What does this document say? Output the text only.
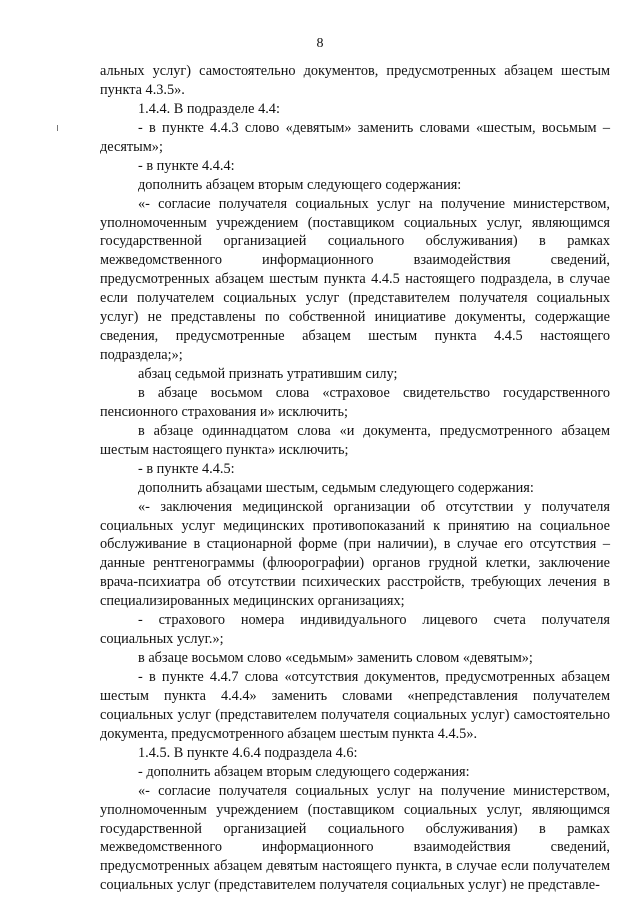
8

альных услуг) самостоятельно документов, предусмотренных абзацем шестым пункта 4.3.5».

1.4.4. В подразделе 4.4:

- в пункте 4.4.3 слово «девятым» заменить словами «шестым, восьмым – десятым»;

- в пункте 4.4.4:

дополнить абзацем вторым следующего содержания:

«- согласие получателя социальных услуг на получение министерством, уполномоченным учреждением (поставщиком социальных услуг, являющимся государственной организацией социального обслуживания) в рамках межведомственного информационного взаимодействия сведений, предусмотренных абзацем шестым пункта 4.4.5 настоящего подраздела, в случае если получателем социальных услуг (представителем получателя социальных услуг) не представлены по собственной инициативе документы, содержащие сведения, предусмотренные абзацем шестым пункта 4.4.5 настоящего подраздела;»;

абзац седьмой признать утратившим силу;

в абзаце восьмом слова «страховое свидетельство государственного пенсионного страхования и» исключить;

в абзаце одиннадцатом слова «и документа, предусмотренного абзацем шестым настоящего пункта» исключить;

- в пункте 4.4.5:

дополнить абзацами шестым, седьмым следующего содержания:

«- заключения медицинской организации об отсутствии у получателя социальных услуг медицинских противопоказаний к принятию на социальное обслуживание в стационарной форме (при наличии), в случае его отсутствия – данные рентгенограммы (флюорографии) органов грудной клетки, заключение врача-психиатра об отсутствии психических расстройств, требующих лечения в специализированных медицинских организациях;

- страхового номера индивидуального лицевого счета получателя социальных услуг.»;

в абзаце восьмом слово «седьмым» заменить словом «девятым»;

- в пункте 4.4.7 слова «отсутствия документов, предусмотренных абзацем шестым пункта 4.4.4» заменить словами «непредставления получателем социальных услуг (представителем получателя социальных услуг) самостоятельно документа, предусмотренного абзацем шестым пункта 4.4.5».

1.4.5. В пункте 4.6.4 подраздела 4.6:

- дополнить абзацем вторым следующего содержания:

«- согласие получателя социальных услуг на получение министерством, уполномоченным учреждением (поставщиком социальных услуг, являющимся государственной организацией социального обслуживания) в рамках межведомственного информационного взаимодействия сведений, предусмотренных абзацем девятым настоящего пункта, в случае если получателем социальных услуг (представителем получателя социальных услуг) не представле-
